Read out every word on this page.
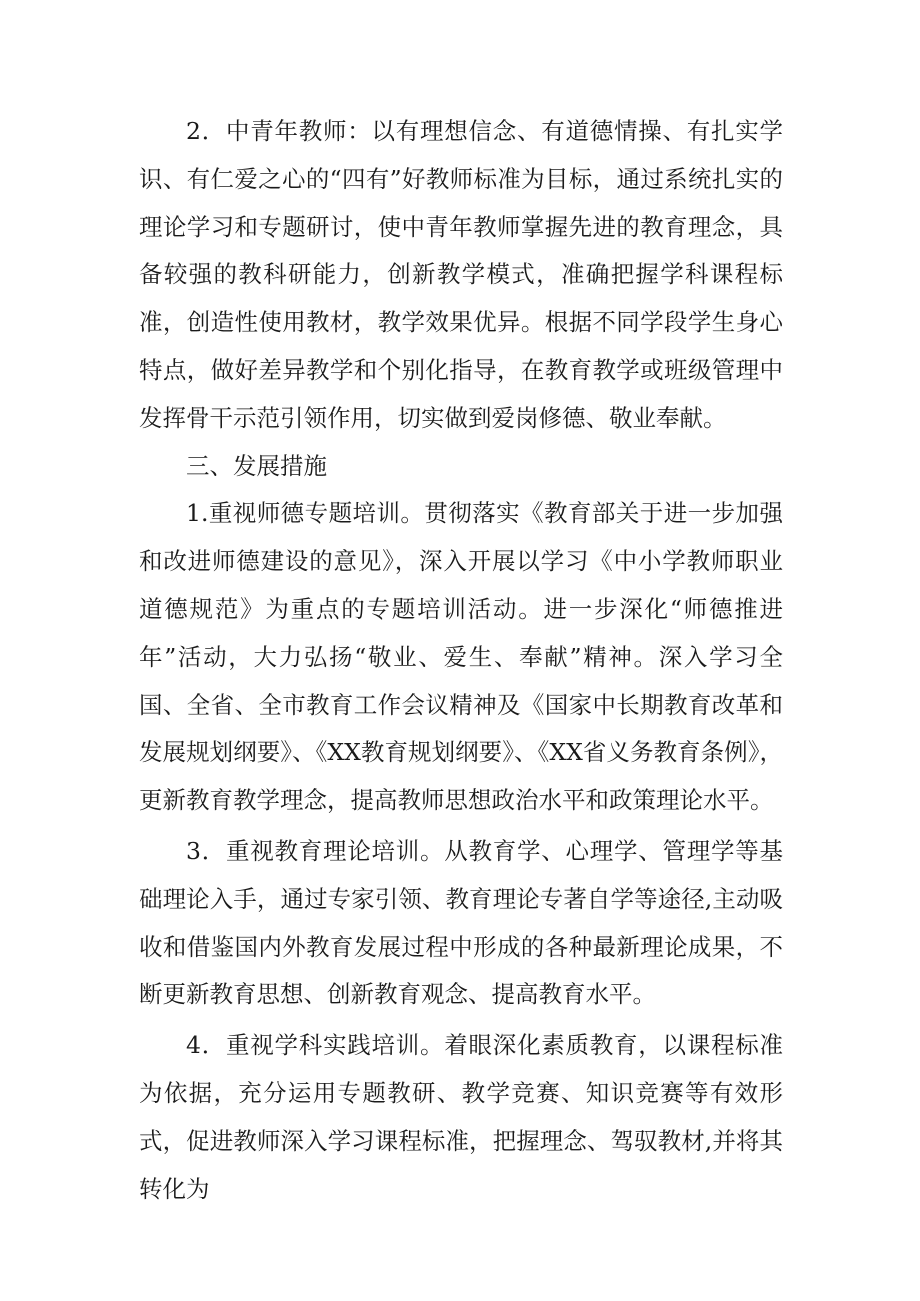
2．中青年教师：以有理想信念、有道德情操、有扎实学识、有仁爱之心的“四有”好教师标准为目标，通过系统扎实的理论学习和专题研讨，使中青年教师掌握先进的教育理念，具备较强的教科研能力，创新教学模式，准确把握学科课程标准，创造性使用教材，教学效果优异。根据不同学段学生身心特点，做好差异教学和个别化指导，在教育教学或班级管理中发挥骨干示范引领作用，切实做到爱岗修德、敬业奉献。

三、发展措施

1.重视师德专题培训。贯彻落实《教育部关于进一步加强和改进师德建设的意见》，深入开展以学习《中小学教师职业道德规范》为重点的专题培训活动。进一步深化“师德推进年”活动，大力弘扬“敬业、爱生、奉献”精神。深入学习全国、全省、全市教育工作会议精神及《国家中长期教育改革和发展规划纲要》、《XX教育规划纲要》、《XX省义务教育条例》，更新教育教学理念，提高教师思想政治水平和政策理论水平。

3．重视教育理论培训。从教育学、心理学、管理学等基础理论入手，通过专家引领、教育理论专著自学等途径,主动吸收和借鉴国内外教育发展过程中形成的各种最新理论成果，不断更新教育思想、创新教育观念、提高教育水平。

4．重视学科实践培训。着眼深化素质教育，以课程标准为依据，充分运用专题教研、教学竞赛、知识竞赛等有效形式，促进教师深入学习课程标准，把握理念、驾驭教材,并将其转化为
